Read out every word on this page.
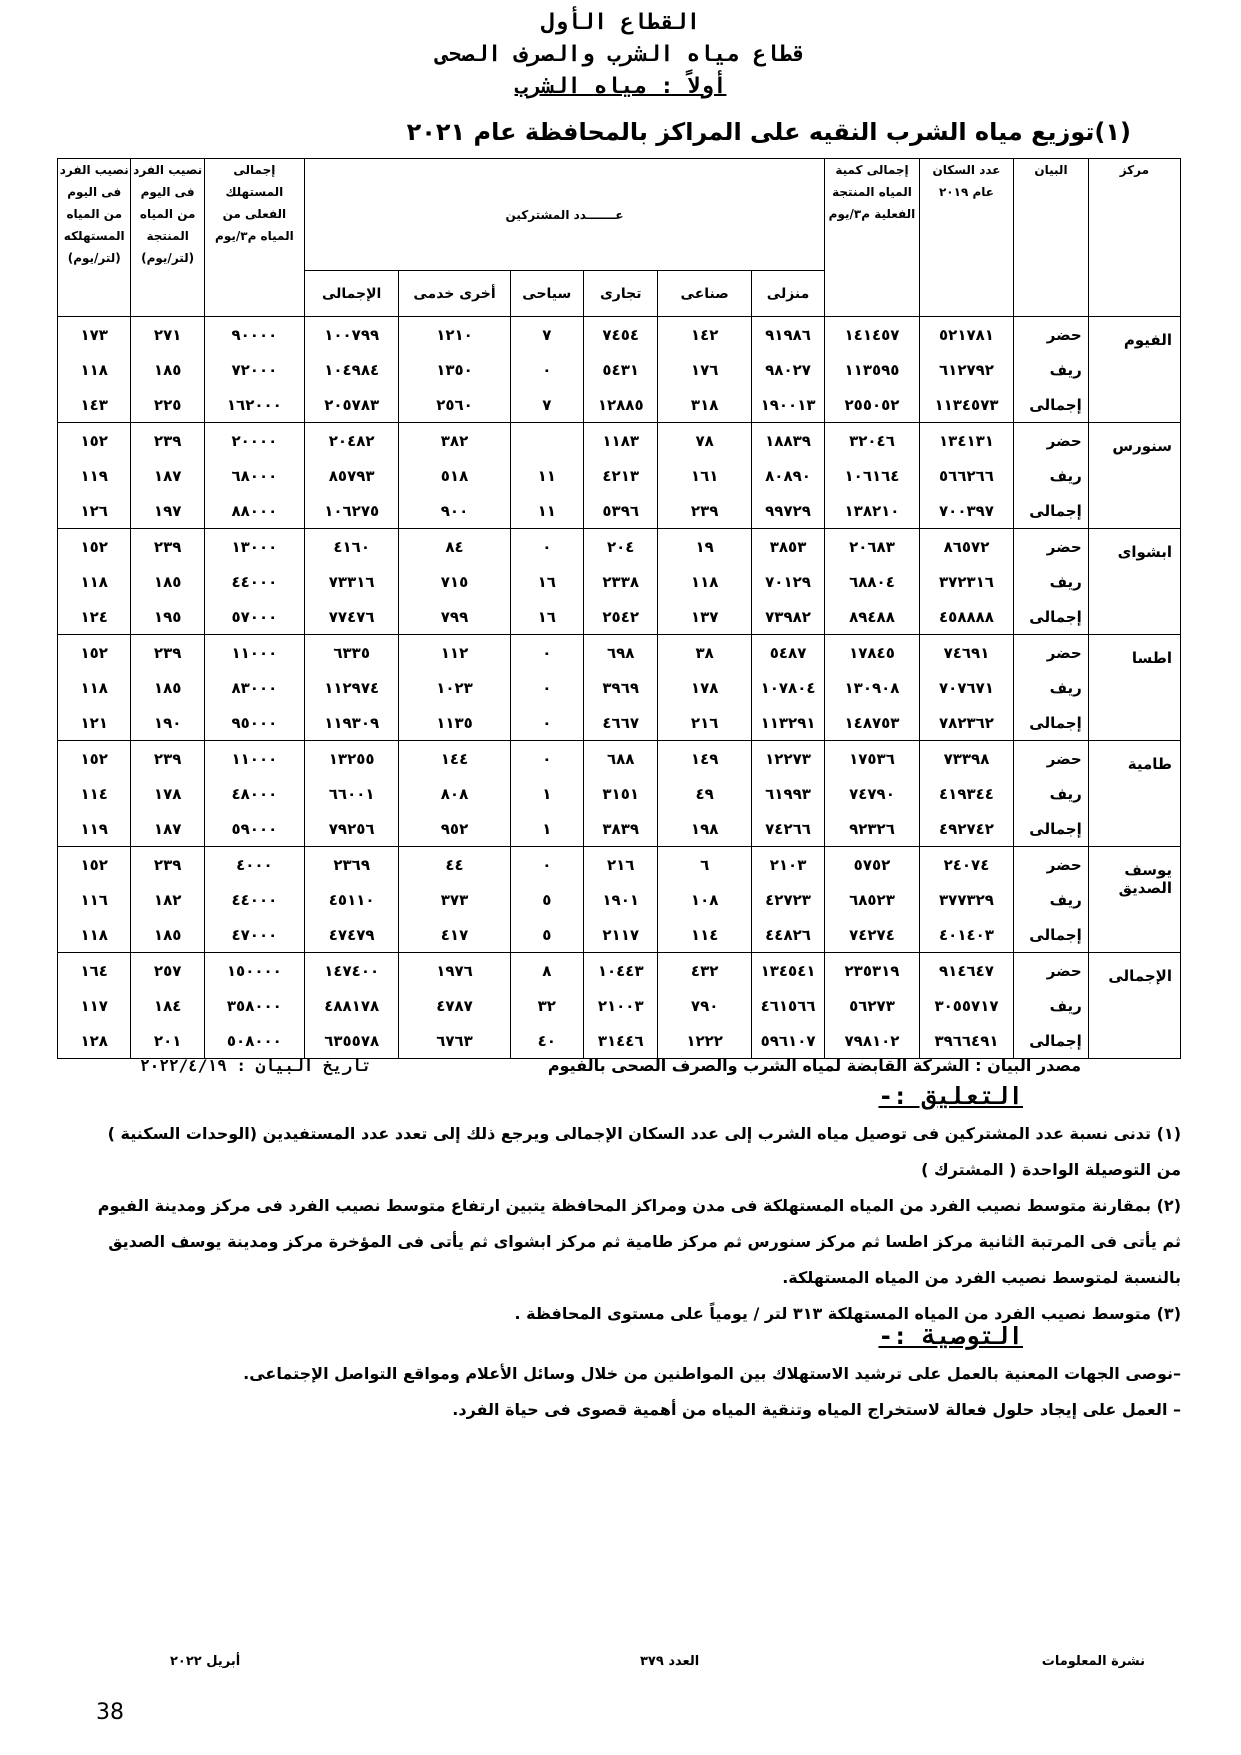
القطاع الأول
قطاع مياه الشرب والصرف الصحى
أولاً : مياه الشرب
(١)توزيع مياه الشرب النقيه على المراكز بالمحافظة عام ٢٠٢١
مركز	البيان	عدد السكان عام ٢٠١٩	إجمالى كمية المياه المنتجة الفعلية م٣/يوم	عـــــــدد المشتركين						إجمالى المستهلك الفعلى من المياه م٣/يوم	نصيب الفرد فى اليوم من المياه المنتجة (لتر/يوم)	نصيب الفرد فى اليوم من المياه المستهلكه (لتر/يوم)
				منزلى	صناعى	تجارى	سياحى	أخرى خدمى	الإجمالى			
الفيوم	حضر	٥٢١٧٨١	١٤١٤٥٧	٩١٩٨٦	١٤٢	٧٤٥٤	٧	١٢١٠	١٠٠٧٩٩	٩٠٠٠٠	٢٧١	١٧٣
	ريف	٦١٢٧٩٢	١١٣٥٩٥	٩٨٠٢٧	١٧٦	٥٤٣١	٠	١٣٥٠	١٠٤٩٨٤	٧٢٠٠٠	١٨٥	١١٨
	إجمالى	١١٣٤٥٧٣	٢٥٥٠٥٢	١٩٠٠١٣	٣١٨	١٢٨٨٥	٧	٢٥٦٠	٢٠٥٧٨٣	١٦٢٠٠٠	٢٢٥	١٤٣
سنورس	حضر	١٣٤١٣١	٣٢٠٤٦	١٨٨٣٩	٧٨	١١٨٣		٣٨٢	٢٠٤٨٢	٢٠٠٠٠	٢٣٩	١٥٢
	ريف	٥٦٦٢٦٦	١٠٦١٦٤	٨٠٨٩٠	١٦١	٤٢١٣	١١	٥١٨	٨٥٧٩٣	٦٨٠٠٠	١٨٧	١١٩
	إجمالى	٧٠٠٣٩٧	١٣٨٢١٠	٩٩٧٢٩	٢٣٩	٥٣٩٦	١١	٩٠٠	١٠٦٢٧٥	٨٨٠٠٠	١٩٧	١٢٦
ابشواى	حضر	٨٦٥٧٢	٢٠٦٨٣	٣٨٥٣	١٩	٢٠٤	٠	٨٤	٤١٦٠	١٣٠٠٠	٢٣٩	١٥٢
	ريف	٣٧٢٣١٦	٦٨٨٠٤	٧٠١٢٩	١١٨	٢٣٣٨	١٦	٧١٥	٧٣٣١٦	٤٤٠٠٠	١٨٥	١١٨
	إجمالى	٤٥٨٨٨٨	٨٩٤٨٨	٧٣٩٨٢	١٣٧	٢٥٤٢	١٦	٧٩٩	٧٧٤٧٦	٥٧٠٠٠	١٩٥	١٢٤
اطسا	حضر	٧٤٦٩١	١٧٨٤٥	٥٤٨٧	٣٨	٦٩٨	٠	١١٢	٦٣٣٥	١١٠٠٠	٢٣٩	١٥٢
	ريف	٧٠٧٦٧١	١٣٠٩٠٨	١٠٧٨٠٤	١٧٨	٣٩٦٩	٠	١٠٢٣	١١٢٩٧٤	٨٣٠٠٠	١٨٥	١١٨
	إجمالى	٧٨٢٣٦٢	١٤٨٧٥٣	١١٣٢٩١	٢١٦	٤٦٦٧	٠	١١٣٥	١١٩٣٠٩	٩٥٠٠٠	١٩٠	١٢١
طامية	حضر	٧٣٣٩٨	١٧٥٣٦	١٢٢٧٣	١٤٩	٦٨٨	٠	١٤٤	١٣٢٥٥	١١٠٠٠	٢٣٩	١٥٢
	ريف	٤١٩٣٤٤	٧٤٧٩٠	٦١٩٩٣	٤٩	٣١٥١	١	٨٠٨	٦٦٠٠١	٤٨٠٠٠	١٧٨	١١٤
	إجمالى	٤٩٢٧٤٢	٩٢٣٢٦	٧٤٢٦٦	١٩٨	٣٨٣٩	١	٩٥٢	٧٩٢٥٦	٥٩٠٠٠	١٨٧	١١٩
يوسف الصديق	حضر	٢٤٠٧٤	٥٧٥٢	٢١٠٣	٦	٢١٦	٠	٤٤	٢٣٦٩	٤٠٠٠	٢٣٩	١٥٢
	ريف	٣٧٧٣٢٩	٦٨٥٢٣	٤٢٧٢٣	١٠٨	١٩٠١	٥	٣٧٣	٤٥١١٠	٤٤٠٠٠	١٨٢	١١٦
	إجمالى	٤٠١٤٠٣	٧٤٢٧٤	٤٤٨٢٦	١١٤	٢١١٧	٥	٤١٧	٤٧٤٧٩	٤٧٠٠٠	١٨٥	١١٨
الإجمالى	حضر	٩١٤٦٤٧	٢٣٥٣١٩	١٣٤٥٤١	٤٣٢	١٠٤٤٣	٨	١٩٧٦	١٤٧٤٠٠	١٥٠٠٠٠	٢٥٧	١٦٤
	ريف	٣٠٥٥٧١٧	٥٦٢٧٣	٤٦١٥٦٦	٧٩٠	٢١٠٠٣	٣٢	٤٧٨٧	٤٨٨١٧٨	٣٥٨٠٠٠	١٨٤	١١٧
	إجمالى	٣٩٦٦٤٩١	٧٩٨١٠٢	٥٩٦١٠٧	١٢٢٢	٣١٤٤٦	٤٠	٦٧٦٣	٦٣٥٥٧٨	٥٠٨٠٠٠	٢٠١	١٢٨
مصدر البيان : الشركة القابضة لمياه الشرب والصرف الصحى بالفيوم
تاريخ البيان : ٢٠٢٢/٤/١٩
التعليق :-
(١) تدنى نسبة عدد المشتركين فى توصيل مياه الشرب إلى عدد السكان الإجمالى ويرجع ذلك إلى تعدد عدد المستفيدين (الوحدات السكنية ) من التوصيلة الواحدة ( المشترك )
(٢) بمقارنة متوسط نصيب الفرد من المياه المستهلكة فى مدن ومراكز المحافظة يتبين ارتفاع متوسط نصيب الفرد فى مركز ومدينة الفيوم ثم يأتى فى المرتبة الثانية مركز اطسا ثم مركز سنورس ثم مركز طامية ثم مركز ابشواى ثم يأتى فى المؤخرة مركز ومدينة يوسف الصديق بالنسبة لمتوسط نصيب الفرد من المياه المستهلكة.
(٣) متوسط نصيب الفرد من المياه المستهلكة ٣١٣ لتر / يومياً على مستوى المحافظة .
التوصية :-
–نوصى الجهات المعنية بالعمل على ترشيد الاستهلاك بين المواطنين من خلال وسائل الأعلام ومواقع التواصل الإجتماعى.
– العمل على إيجاد حلول فعالة لاستخراج المياه وتنقية المياه من أهمية قصوى فى حياة الفرد.
نشرة المعلومات
العدد ٣٧٩
أبريل ٢٠٢٢
38
